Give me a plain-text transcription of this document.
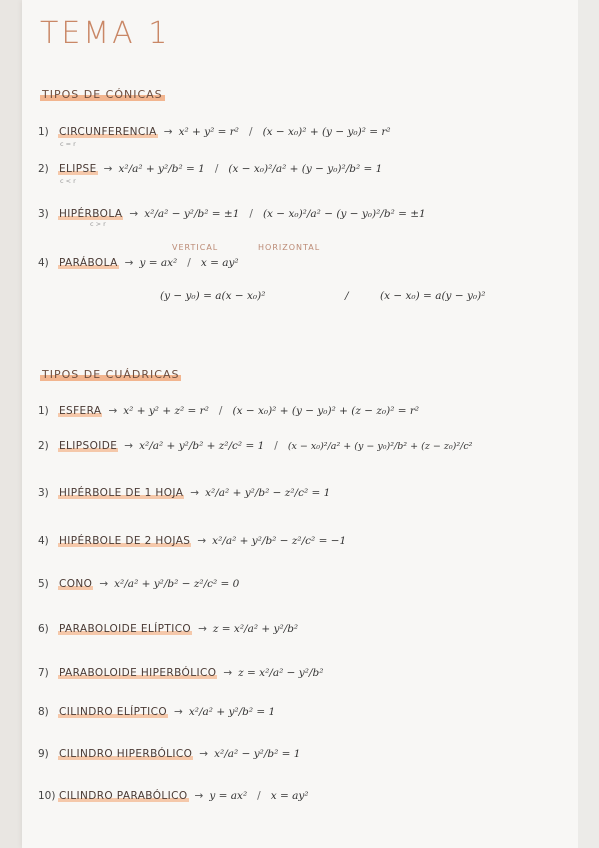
TEMA 1
TIPOS DE CÓNICAS
1) CIRCUNFERENCIA → x² + y² = r² / (x − x₀)² + (y − y₀)² = r²
c = r
2) ELIPSE → x²/a² + y²/b² = 1 / (x − x₀)²/a² + (y − y₀)²/b² = 1
c < r
3) HIPÉRBOLA → x²/a² − y²/b² = ±1 / (x − x₀)²/a² − (y − y₀)²/b² = ±1
c > r
VERTICAL	HORIZONTAL
4) PARÁBOLA → y = ax² / x = ay²
(y − y₀) = a(x − x₀)²	/	(x − x₀) = a(y − y₀)²
TIPOS DE CUÁDRICAS
1) ESFERA → x² + y² + z² = r² / (x − x₀)² + (y − y₀)² + (z − z₀)² = r²
2) ELIPSOIDE → x²/a² + y²/b² + z²/c² = 1 / (x − x₀)²/a² + (y − y₀)²/b² + (z − z₀)²/c²
3) HIPÉRBOLE DE 1 HOJA → x²/a² + y²/b² − z²/c² = 1
4) HIPÉRBOLE DE 2 HOJAS → x²/a² + y²/b² − z²/c² = −1
5) CONO → x²/a² + y²/b² − z²/c² = 0
6) PARABOLOIDE ELÍPTICO → z = x²/a² + y²/b²
7) PARABOLOIDE HIPERBÓLICO → z = x²/a² − y²/b²
8) CILINDRO ELÍPTICO → x²/a² + y²/b² = 1
9) CILINDRO HIPERBÓLICO → x²/a² − y²/b² = 1
10) CILINDRO PARABÓLICO → y = ax² / x = ay²
